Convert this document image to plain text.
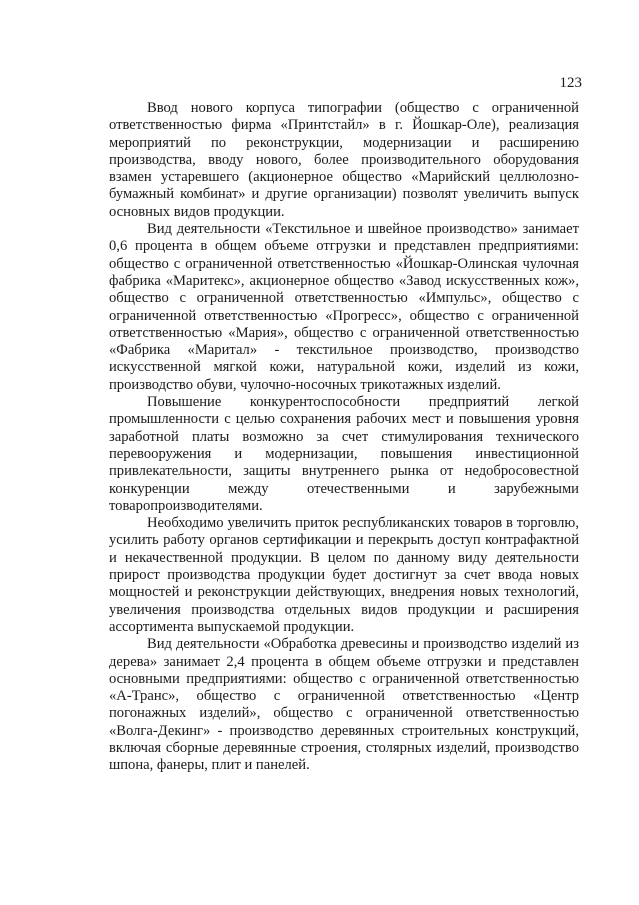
123

Ввод нового корпуса типографии (общество с ограниченной ответственностью фирма «Принтстайл» в г. Йошкар-Оле), реализация мероприятий по реконструкции, модернизации и расширению производства, вводу нового, более производительного оборудования взамен устаревшего (акционерное общество «Марийский целлюлозно-бумажный комбинат» и другие организации) позволят увеличить выпуск основных видов продукции.

Вид деятельности «Текстильное и швейное производство» занимает 0,6 процента в общем объеме отгрузки и представлен предприятиями: общество с ограниченной ответственностью «Йошкар-Олинская чулочная фабрика «Маритекс», акционерное общество «Завод искусственных кож», общество с ограниченной ответственностью «Импульс», общество с ограниченной ответственностью «Прогресс», общество с ограниченной ответственностью «Мария», общество с ограниченной ответственностью «Фабрика «Маритал» - текстильное производство, производство искусственной мягкой кожи, натуральной кожи, изделий из кожи, производство обуви, чулочно-носочных трикотажных изделий.

Повышение конкурентоспособности предприятий легкой промышленности с целью сохранения рабочих мест и повышения уровня заработной платы возможно за счет стимулирования технического перевооружения и модернизации, повышения инвестиционной привлекательности, защиты внутреннего рынка от недобросовестной конкуренции между отечественными и зарубежными товаропроизводителями.

Необходимо увеличить приток республиканских товаров в торговлю, усилить работу органов сертификации и перекрыть доступ контрафактной и некачественной продукции. В целом по данному виду деятельности прирост производства продукции будет достигнут за счет ввода новых мощностей и реконструкции действующих, внедрения новых технологий, увеличения производства отдельных видов продукции и расширения ассортимента выпускаемой продукции.

Вид деятельности «Обработка древесины и производство изделий из дерева» занимает 2,4 процента в общем объеме отгрузки и представлен основными предприятиями: общество с ограниченной ответственностью «А-Транс», общество с ограниченной ответственностью «Центр погонажных изделий», общество с ограниченной ответственностью «Волга-Декинг» - производство деревянных строительных конструкций, включая сборные деревянные строения, столярных изделий, производство шпона, фанеры, плит и панелей.
